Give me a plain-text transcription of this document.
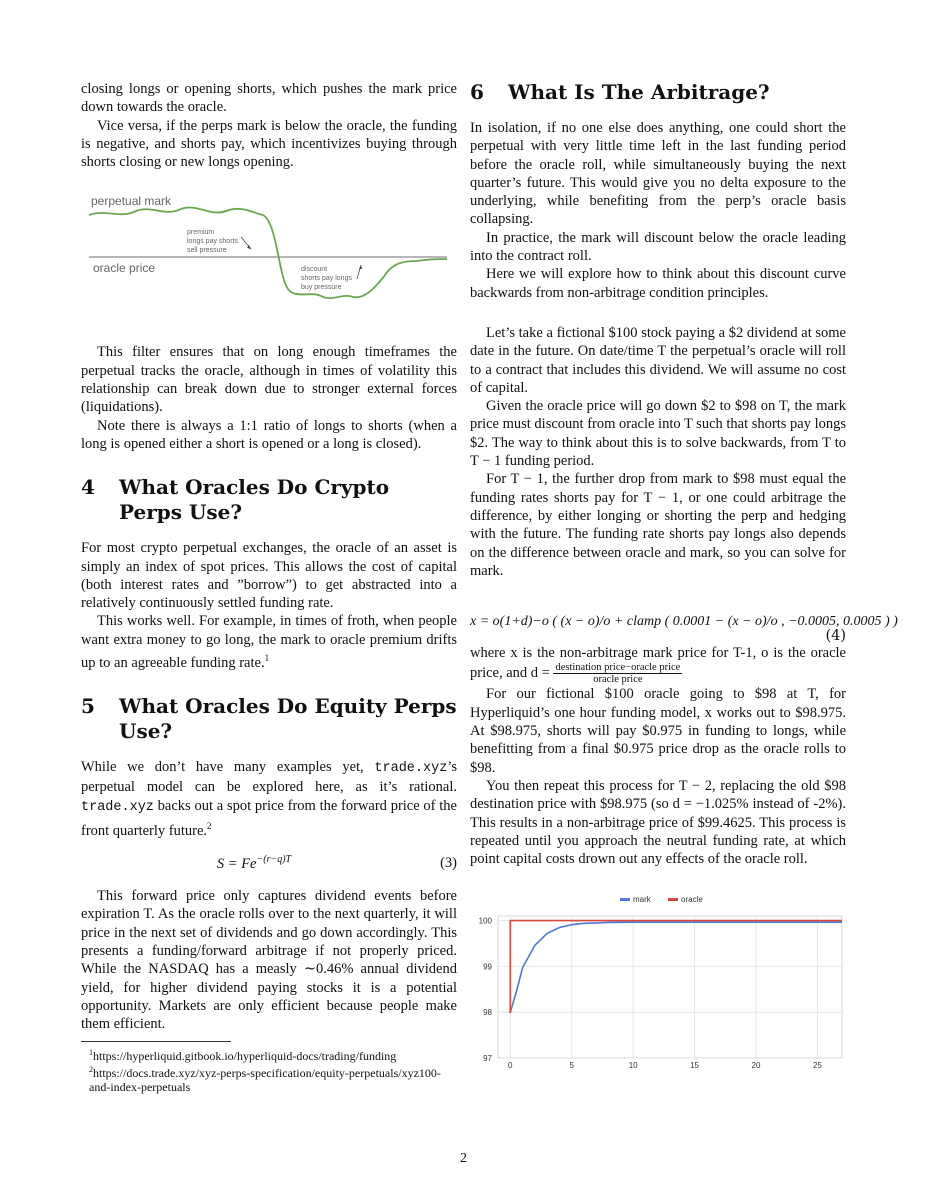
closing longs or opening shorts, which pushes the mark price down towards the oracle.

Vice versa, if the perps mark is below the oracle, the funding is negative, and shorts pay, which incentivizes buying through shorts closing or new longs opening.

perpetual mark
oracle price
premium longs pay shorts sell pressure
discount shorts pay longs buy pressure

This filter ensures that on long enough timeframes the perpetual tracks the oracle, although in times of volatility this relationship can break down due to stronger external forces (liquidations).

Note there is always a 1:1 ratio of longs to shorts (when a long is opened either a short is opened or a long is closed).

4	What Oracles Do Crypto Perps Use?

For most crypto perpetual exchanges, the oracle of an asset is simply an index of spot prices. This allows the cost of capital (both interest rates and ”borrow”) to get abstracted into a relatively continuously settled funding rate.

This works well. For example, in times of froth, when people want extra money to go long, the mark to oracle premium drifts up to an agreeable funding rate.$^1$

5	What Oracles Do Equity Perps Use?

While we don’t have many examples yet, trade.xyz’s perpetual model can be explored here, as it’s rational. trade.xyz backs out a spot price from the forward price of the front quarterly future.$^2$

$S = Fe^{-(r-q)T}$	(3)

This forward price only captures dividend events before expiration T. As the oracle rolls over to the next quarterly, it will price in the next set of dividends and go down accordingly. This presents a funding/forward arbitrage if not properly priced. While the NASDAQ has a measly ∼0.46% annual dividend yield, for higher dividend paying stocks it is a potential opportunity. Markets are only efficient because people make them efficient.

$^1$https://hyperliquid.gitbook.io/hyperliquid-docs/trading/funding
$^2$https://docs.trade.xyz/xyz-perps-specification/equity-perpetuals/xyz100-and-index-perpetuals
6	What Is The Arbitrage?

In isolation, if no one else does anything, one could short the perpetual with very little time left in the last funding period before the oracle roll, while simultaneously buying the next quarter’s future. This would give you no delta exposure to the underlying, while benefiting from the perp’s oracle basis collapsing.

In practice, the mark will discount below the oracle leading into the contract roll.

Here we will explore how to think about this discount curve backwards from non-arbitrage condition principles.

Let’s take a fictional $100 stock paying a $2 dividend at some date in the future. On date/time T the perpetual’s oracle will roll to a contract that includes this dividend. We will assume no cost of capital.

Given the oracle price will go down $2 to $98 on T, the mark price must discount from oracle into T such that shorts pay longs $2. The way to think about this is to solve backwards, from T to T − 1 funding period.

For T − 1, the further drop from mark to $98 must equal the funding rates shorts pay for T − 1, or one could arbitrage the difference, by either longing or shorting the perp and hedging with the future. The funding rate shorts pay longs also depends on the difference between oracle and mark, so you can solve for mark.

x = o(1+d)−o ( (x − o)/o + clamp ( 0.0001 − (x − o)/o , −0.0005, 0.0005 ) )
(4)

where x is the non-arbitrage mark price for T-1, o is the oracle price, and $d = \frac{\text{destination price−oracle price}}{\text{oracle price}}$

For our fictional $100 oracle going to $98 at T, for Hyperliquid’s one hour funding model, x works out to $98.975. At $98.975, shorts will pay $0.975 in funding to longs, while benefitting from a final $0.975 price drop as the oracle rolls to $98.

You then repeat this process for T − 2, replacing the old $98 destination price with $98.975 (so d = −1.025% instead of -2%). This results in a non-arbitrage price of $99.4625. This process is repeated until you approach the neutral funding rate, at which point capital costs drown out any effects of the oracle roll.

0	5	10	15	20	25
97
98
99
100
mark	oracle
2
